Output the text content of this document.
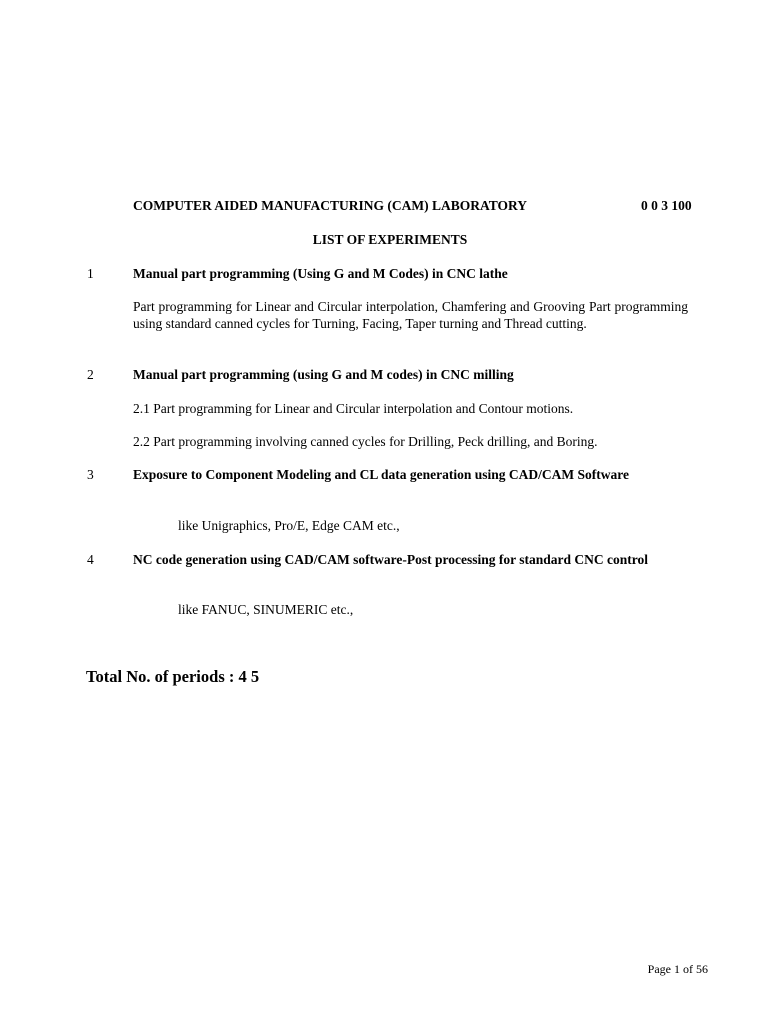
COMPUTER AIDED MANUFACTURING (CAM) LABORATORY	0 0 3 100
LIST OF EXPERIMENTS
1	Manual part programming (Using G and M Codes) in CNC lathe
Part programming for Linear and Circular interpolation, Chamfering and Grooving Part programming using standard canned cycles for Turning, Facing, Taper turning and Thread cutting.
2	Manual part programming (using G and M codes) in CNC milling
2.1 Part programming for Linear and Circular interpolation and Contour motions.
2.2 Part programming involving canned cycles for Drilling, Peck drilling, and Boring.
3	Exposure to Component Modeling and CL data generation using CAD/CAM Software
like Unigraphics, Pro/E, Edge CAM etc.,
4	NC code generation using CAD/CAM software-Post processing for standard CNC control
like FANUC, SINUMERIC etc.,
Total No. of periods : 4 5
Page 1 of 56
